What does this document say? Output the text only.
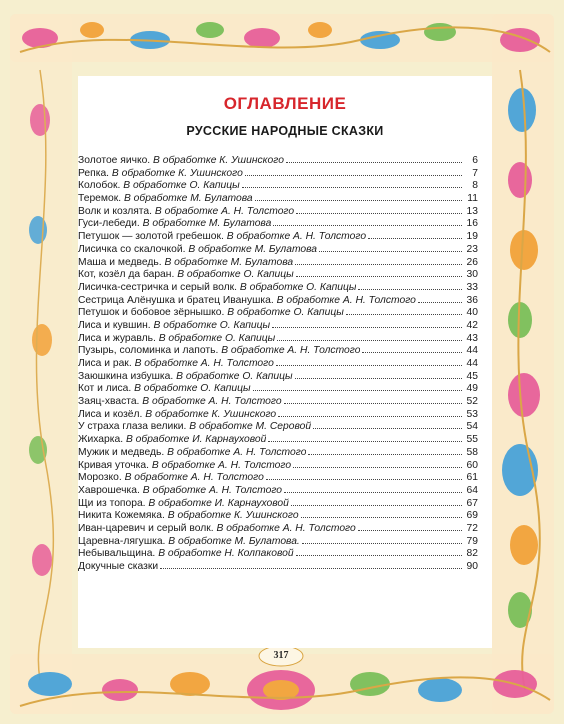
ОГЛАВЛЕНИЕ
РУССКИЕ НАРОДНЫЕ СКАЗКИ
Золотое яичко. В обработке К. Ушинского	6
Репка. В обработке К. Ушинского	7
Колобок. В обработке О. Капицы	8
Теремок. В обработке М. Булатова	11
Волк и козлята. В обработке А. Н. Толстого	13
Гуси-лебеди. В обработке М. Булатова	16
Петушок — золотой гребешок. В обработке А. Н. Толстого	19
Лисичка со скалочкой. В обработке М. Булатова	23
Маша и медведь. В обработке М. Булатова	26
Кот, козёл да баран. В обработке О. Капицы	30
Лисичка-сестричка и серый волк. В обработке О. Капицы	33
Сестрица Алёнушка и братец Иванушка. В обработке А. Н. Толстого	36
Петушок и бобовое зёрнышко. В обработке О. Капицы	40
Лиса и кувшин. В обработке О. Капицы	42
Лиса и журавль. В обработке О. Капицы	43
Пузырь, соломинка и лапоть. В обработке А. Н. Толстого	44
Лиса и рак. В обработке А. Н. Толстого	44
Заюшкина избушка. В обработке О. Капицы	45
Кот и лиса. В обработке О. Капицы	49
Заяц-хваста. В обработке А. Н. Толстого	52
Лиса и козёл. В обработке К. Ушинского	53
У страха глаза велики. В обработке М. Серовой	54
Жихарка. В обработке И. Карнауховой	55
Мужик и медведь. В обработке А. Н. Толстого	58
Кривая уточка. В обработке А. Н. Толстого	60
Морозко. В обработке А. Н. Толстого	61
Хаврошечка. В обработке А. Н. Толстого	64
Щи из топора. В обработке И. Карнауховой	67
Никита Кожемяка. В обработке К. Ушинского	69
Иван-царевич и серый волк. В обработке А. Н. Толстого	72
Царевна-лягушка. В обработке М. Булатова.	79
Небывальщина. В обработке Н. Колпаковой	82
Докучные сказки	90
317
